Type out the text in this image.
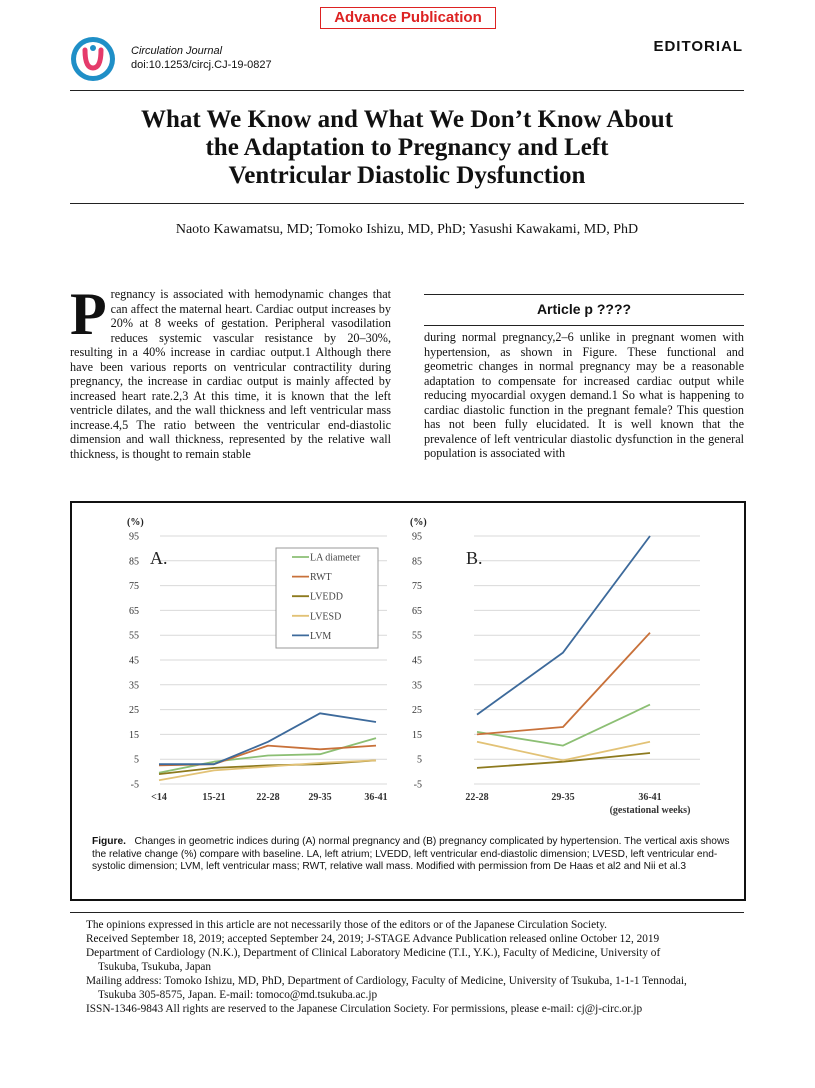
Advance Publication
Circulation Journal
doi:10.1253/circj.CJ-19-0827
EDITORIAL
What We Know and What We Don’t Know About
the Adaptation to Pregnancy and Left
Ventricular Diastolic Dysfunction
Naoto Kawamatsu, MD; Tomoko Ishizu, MD, PhD; Yasushi Kawakami, MD, PhD
Pregnancy is associated with hemodynamic changes that can affect the maternal heart. Cardiac output increases by 20% at 8 weeks of gestation. Peripheral vasodilation reduces systemic vascular resistance by 20–30%, resulting in a 40% increase in cardiac output.1 Although there have been various reports on ventricular contractility during pregnancy, the increase in cardiac output is mainly affected by increased heart rate.2,3 At this time, it is known that the left ventricle dilates, and the wall thickness and left ventricular mass increase.4,5 The ratio between the ventricular end-diastolic dimension and wall thickness, represented by the relative wall thickness, is thought to remain stable
Article p ????
during normal pregnancy,2–6 unlike in pregnant women with hypertension, as shown in Figure. These functional and geometric changes in normal pregnancy may be a reasonable adaptation to compensate for increased cardiac output while reducing myocardial oxygen demand.1 So what is happening to cardiac diastolic function in the pregnant female? This question has not been fully elucidated. It is well known that the prevalence of left ventricular diastolic dysfunction in the general population is associated with
95
85
75
65
55
45
35
25
15
5
-5
(%)
A.
<14	15-21	22-28	29-35	36-41
LA diameter
RWT
LVEDD
LVESD
LVM
95
85
75
65
55
45
35
25
15
5
-5
(%)
B.
22-28	29-35	36-41
(gestational weeks)
Figure. Changes in geometric indices during (A) normal pregnancy and (B) pregnancy complicated by hypertension. The vertical axis shows the relative change (%) compare with baseline. LA, left atrium; LVEDD, left ventricular end-diastolic dimension; LVESD, left ventricular end-systolic dimension; LVM, left ventricular mass; RWT, relative wall mass. Modified with permission from De Haas et al2 and Nii et al.3
The opinions expressed in this article are not necessarily those of the editors or of the Japanese Circulation Society.
Received September 18, 2019; accepted September 24, 2019; J-STAGE Advance Publication released online October 12, 2019
Department of Cardiology (N.K.), Department of Clinical Laboratory Medicine (T.I., Y.K.), Faculty of Medicine, University of
Tsukuba, Tsukuba, Japan
Mailing address: Tomoko Ishizu, MD, PhD, Department of Cardiology, Faculty of Medicine, University of Tsukuba, 1-1-1 Tennodai,
Tsukuba 305-8575, Japan. E-mail: tomoco@md.tsukuba.ac.jp
ISSN-1346-9843 All rights are reserved to the Japanese Circulation Society. For permissions, please e-mail: cj@j-circ.or.jp
